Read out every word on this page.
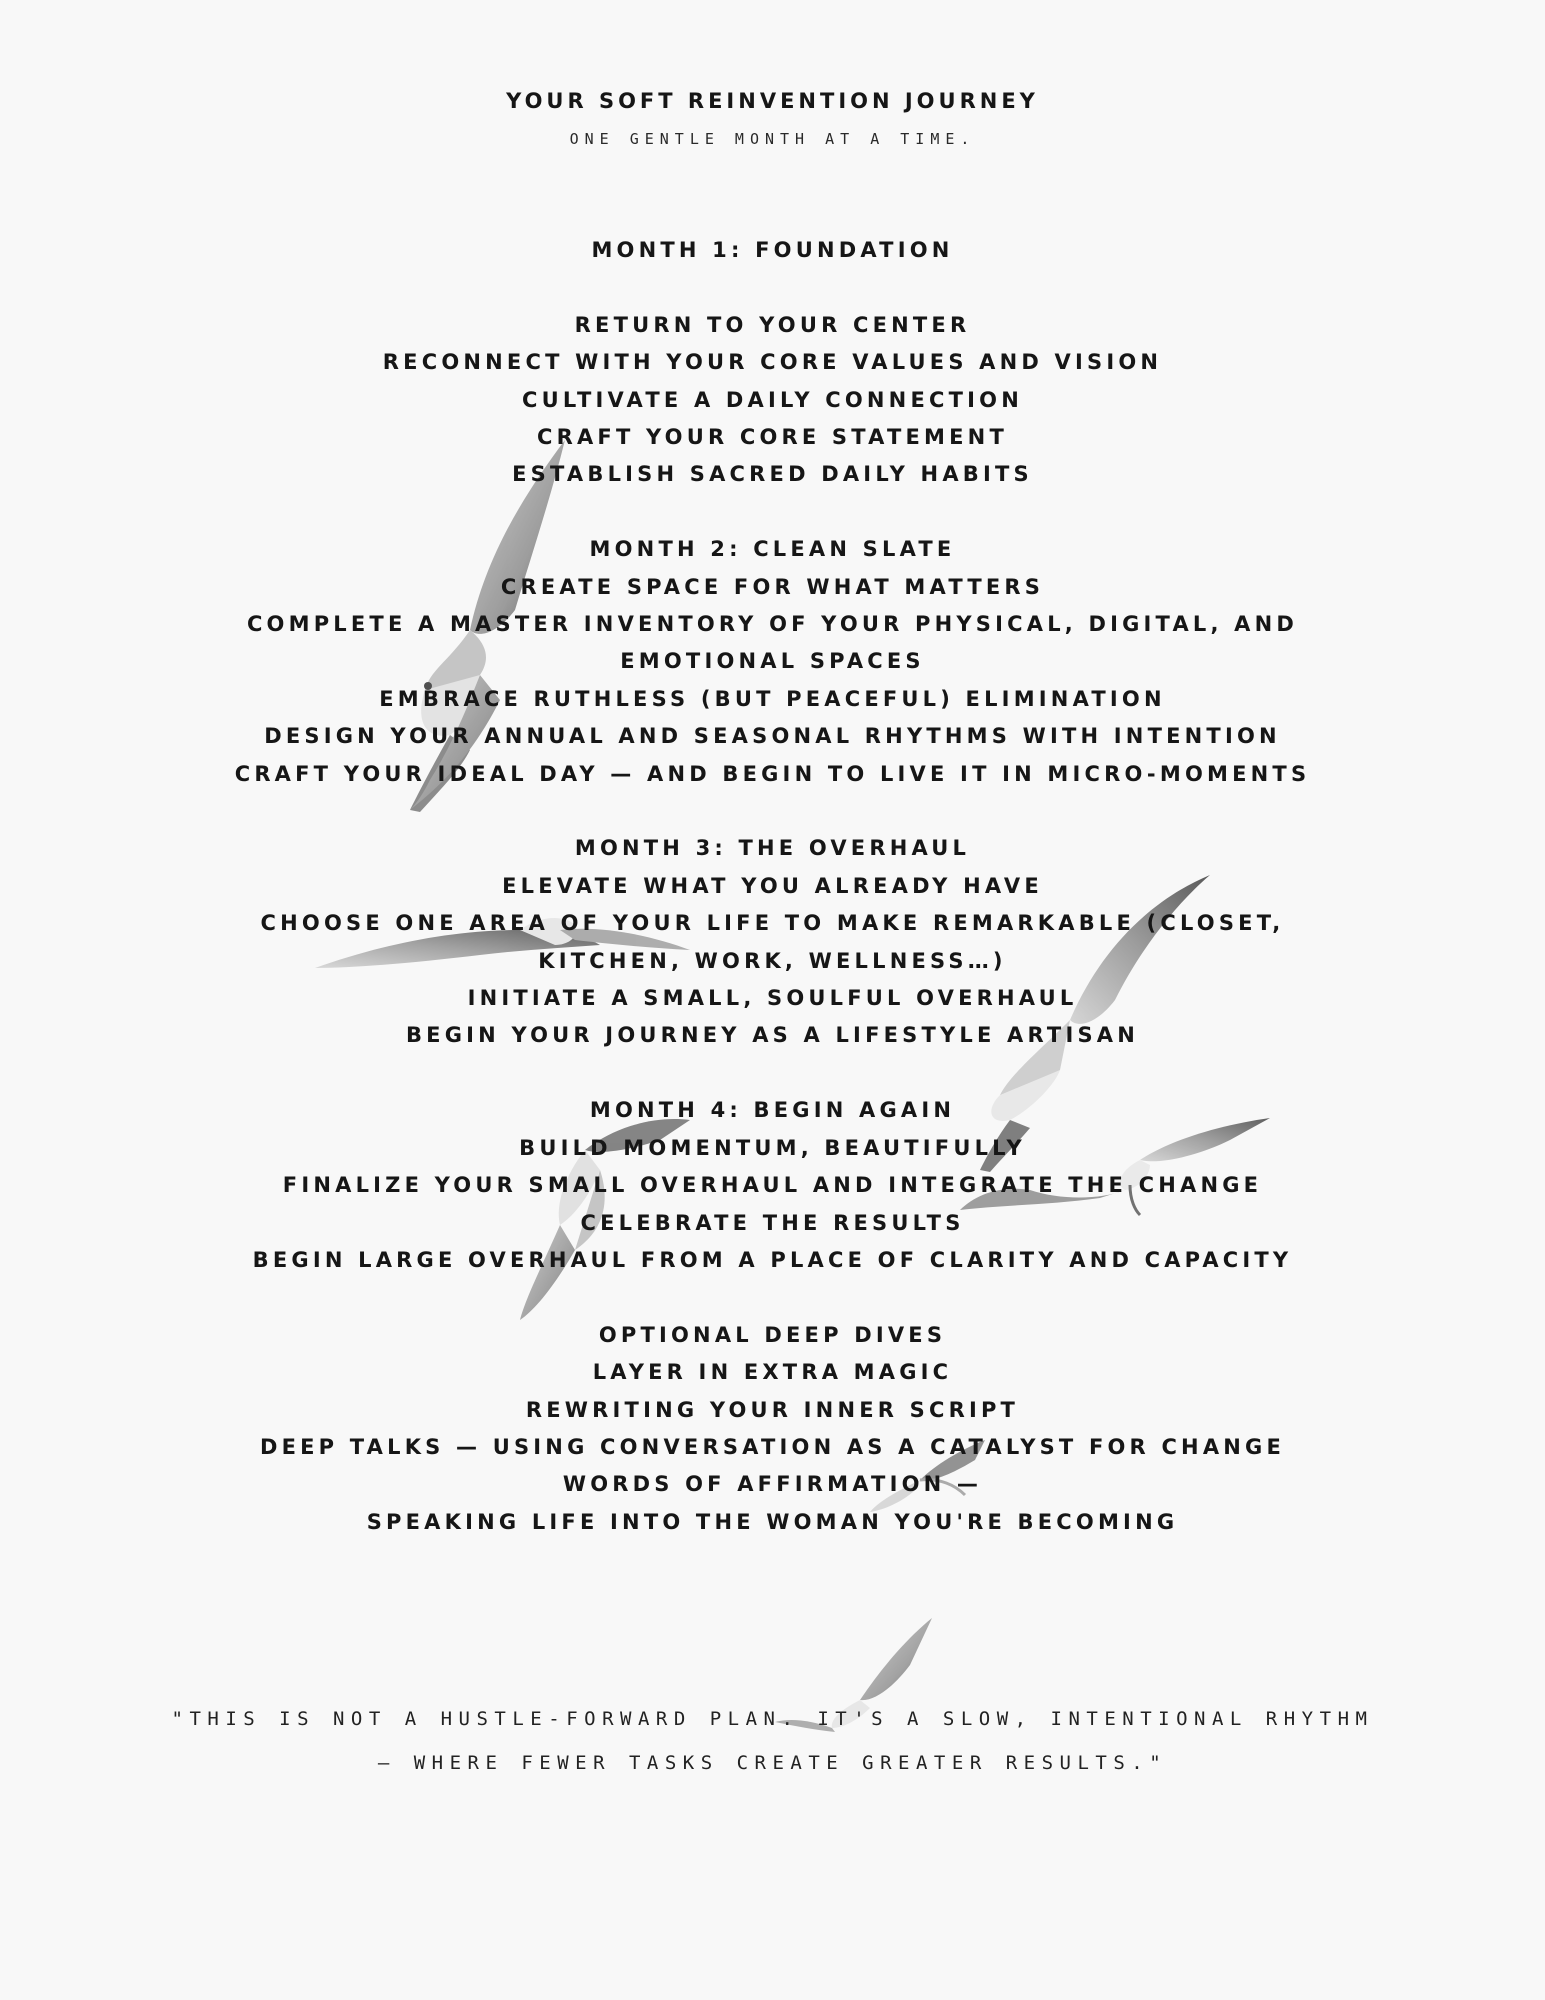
YOUR SOFT REINVENTION JOURNEY
ONE GENTLE MONTH AT A TIME.
MONTH 1: FOUNDATION
RETURN TO YOUR CENTER
RECONNECT WITH YOUR CORE VALUES AND VISION
CULTIVATE A DAILY CONNECTION
CRAFT YOUR CORE STATEMENT
ESTABLISH SACRED DAILY HABITS
MONTH 2: CLEAN SLATE
CREATE SPACE FOR WHAT MATTERS
COMPLETE A MASTER INVENTORY OF YOUR PHYSICAL, DIGITAL, AND
EMOTIONAL SPACES
EMBRACE RUTHLESS (BUT PEACEFUL) ELIMINATION
DESIGN YOUR ANNUAL AND SEASONAL RHYTHMS WITH INTENTION
CRAFT YOUR IDEAL DAY — AND BEGIN TO LIVE IT IN MICRO-MOMENTS
MONTH 3: THE OVERHAUL
ELEVATE WHAT YOU ALREADY HAVE
CHOOSE ONE AREA OF YOUR LIFE TO MAKE REMARKABLE (CLOSET,
KITCHEN, WORK, WELLNESS…)
INITIATE A SMALL, SOULFUL OVERHAUL
BEGIN YOUR JOURNEY AS A LIFESTYLE ARTISAN
MONTH 4: BEGIN AGAIN
BUILD MOMENTUM, BEAUTIFULLY
FINALIZE YOUR SMALL OVERHAUL AND INTEGRATE THE CHANGE
CELEBRATE THE RESULTS
BEGIN LARGE OVERHAUL FROM A PLACE OF CLARITY AND CAPACITY
OPTIONAL DEEP DIVES
LAYER IN EXTRA MAGIC
REWRITING YOUR INNER SCRIPT
DEEP TALKS — USING CONVERSATION AS A CATALYST FOR CHANGE
WORDS OF AFFIRMATION —
SPEAKING LIFE INTO THE WOMAN YOU'RE BECOMING
"THIS IS NOT A HUSTLE-FORWARD PLAN. IT'S A SLOW, INTENTIONAL RHYTHM
— WHERE FEWER TASKS CREATE GREATER RESULTS."
